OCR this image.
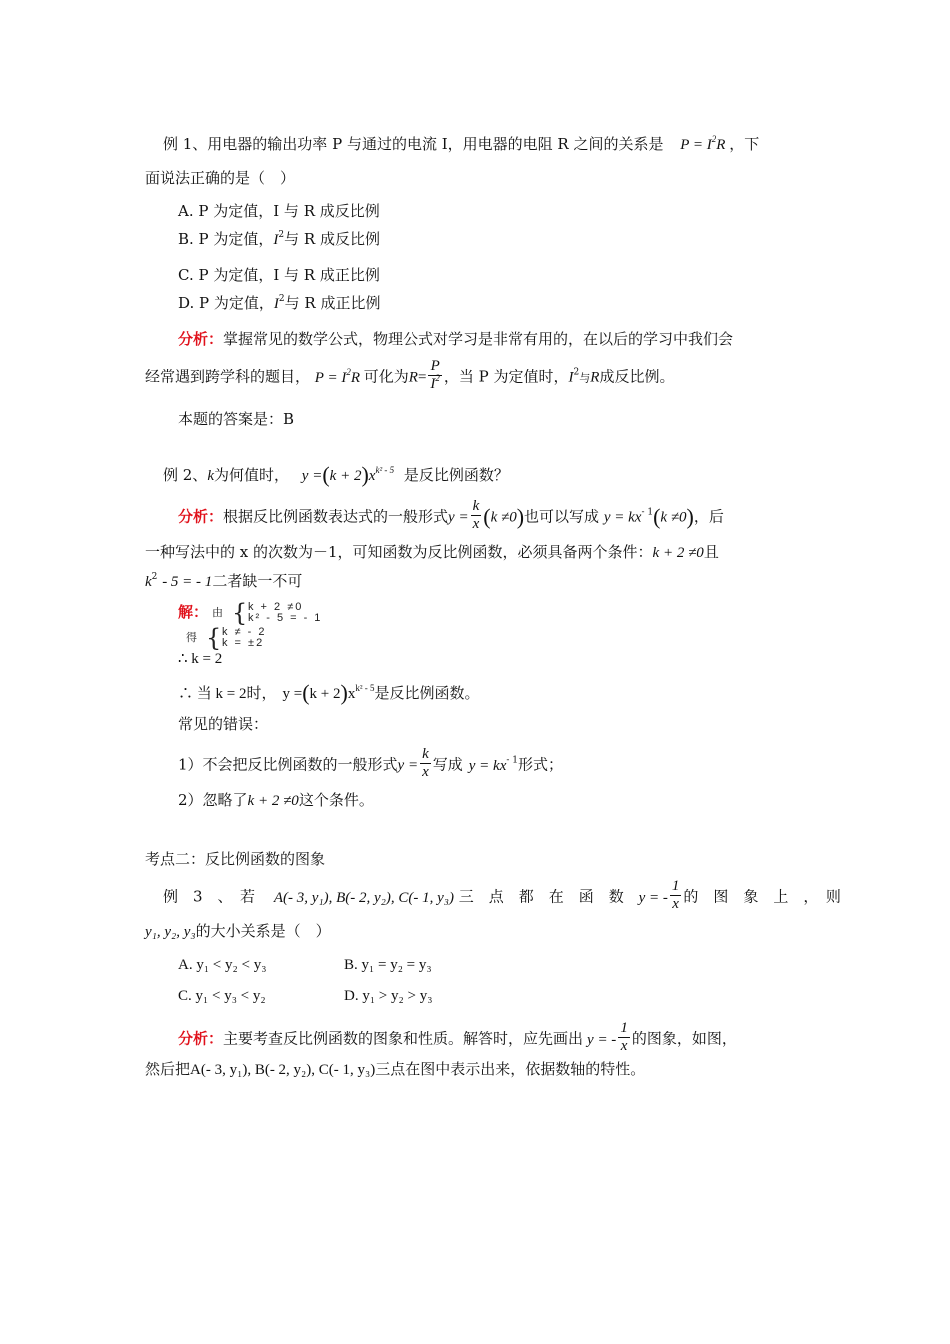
例 1、用电器的输出功率 P 与通过的电流 I，用电器的电阻 R 之间的关系是 $P = I^2R$ ，下
面说法正确的是（　）
A. P 为定值，I 与 R 成反比例
B. P 为定值，$I^2$与 R 成反比例
C. P 为定值，I 与 R 成正比例
D. P 为定值，$I^2$与 R 成正比例
分析：掌握常见的数学公式，物理公式对学习是非常有用的，在以后的学习中我们会
经常遇到跨学科的题目， $P = I^2R$ 可化为$R= \frac{P}{I^2}$ ，当 P 为定值时，$I^2$与R成反比例。
本题的答案是：B
例 2、k为何值时， $y =(k + 2)x^{k^2 - 5}$ 是反比例函数？
分析：根据反比例函数表达式的一般形式$y = \frac{k}{x} (k \ne 0)$也可以写成 $y = kx^{- 1}(k \ne 0)$，后
一种写法中的 x 的次数为－1，可知函数为反比例函数，必须具备两个条件：k + 2 ≠0且
$k^2 - 5$ = - 1二者缺一不可
解： 由 { k + 2 ≠0
k² - 5 = - 1
得 { k ≠ - 2
k = ±2
∴ k = 2
∴ 当 k = 2时， $y =(k + 2)x^{k^2 - 5}$是反比例函数。
常见的错误：
1）不会把反比例函数的一般形式$y = \frac{k}{x}$ 写成 $y = kx^{- 1}$形式；
2）忽略了k + 2 ≠0这个条件。
考点二：反比例函数的图象
例　3　、　若 A(- 3, y₁), B(- 2, y₂), C(- 1, y₃) 三　点　都　在　函　数 y = - $\frac{1}{x}$ 的　图　象　上　，　则
y₁, y₂, y₃的大小关系是（　）
A. y₁ < y₂ < y₃	B. y₁ = y₂ = y₃
C. y₁ < y₃ < y₂	D. y₁ > y₂ > y₃
分析：主要考查反比例函数的图象和性质。解答时，应先画出 y = - $\frac{1}{x}$ 的图象，如图，
然后把A(- 3, y₁), B(- 2, y₂), C(- 1, y₃)三点在图中表示出来，依据数轴的特性。
